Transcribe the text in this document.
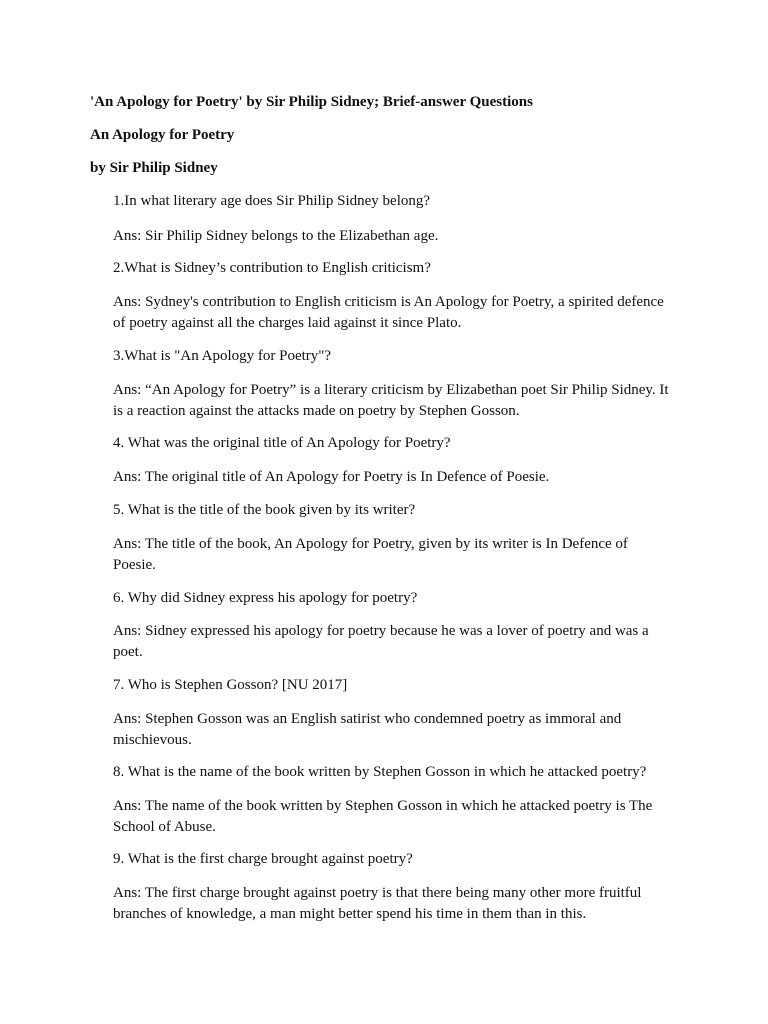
'An Apology for Poetry' by Sir Philip Sidney; Brief-answer Questions
An Apology for Poetry
by Sir Philip Sidney
1.In what literary age does Sir Philip Sidney belong?
Ans: Sir Philip Sidney belongs to the Elizabethan age.
2.What is Sidney’s contribution to English criticism?
Ans: Sydney's contribution to English criticism is An Apology for Poetry, a spirited defence
of poetry against all the charges laid against it since Plato.
3.What is "An Apology for Poetry"?
Ans: “An Apology for Poetry” is a literary criticism by Elizabethan poet Sir Philip Sidney. It
is a reaction against the attacks made on poetry by Stephen Gosson.
4. What was the original title of An Apology for Poetry?
Ans: The original title of An Apology for Poetry is In Defence of Poesie.
5. What is the title of the book given by its writer?
Ans: The title of the book, An Apology for Poetry, given by its writer is In Defence of
Poesie.
6. Why did Sidney express his apology for poetry?
Ans: Sidney expressed his apology for poetry because he was a lover of poetry and was a
poet.
7. Who is Stephen Gosson? [NU 2017]
Ans: Stephen Gosson was an English satirist who condemned poetry as immoral and
mischievous.
8. What is the name of the book written by Stephen Gosson in which he attacked poetry?
Ans: The name of the book written by Stephen Gosson in which he attacked poetry is The
School of Abuse.
9. What is the first charge brought against poetry?
Ans: The first charge brought against poetry is that there being many other more fruitful
branches of knowledge, a man might better spend his time in them than in this.
